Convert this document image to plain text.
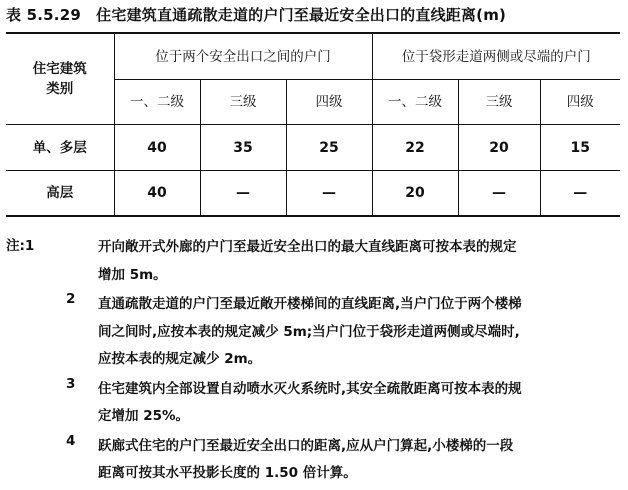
表 5.5.29　住宅建筑直通疏散走道的户门至最近安全出口的直线距离(m)
住宅建筑
类别	位于两个安全出口之间的户门			位于袋形走道两侧或尽端的户门		
	一、二级	三级	四级	一、二级	三级	四级
单、多层	40	35	25	22	20	15
高层	40	—	—	20	—	—
注:1	开向敞开式外廊的户门至最近安全出口的最大直线距离可按本表的规定
增加 5m。
2	直通疏散走道的户门至最近敞开楼梯间的直线距离,当户门位于两个楼梯
间之间时,应按本表的规定减少 5m;当户门位于袋形走道两侧或尽端时,
应按本表的规定减少 2m。
3	住宅建筑内全部设置自动喷水灭火系统时,其安全疏散距离可按本表的规
定增加 25%。
4	跃廊式住宅的户门至最近安全出口的距离,应从户门算起,小楼梯的一段
距离可按其水平投影长度的 1.50 倍计算。
